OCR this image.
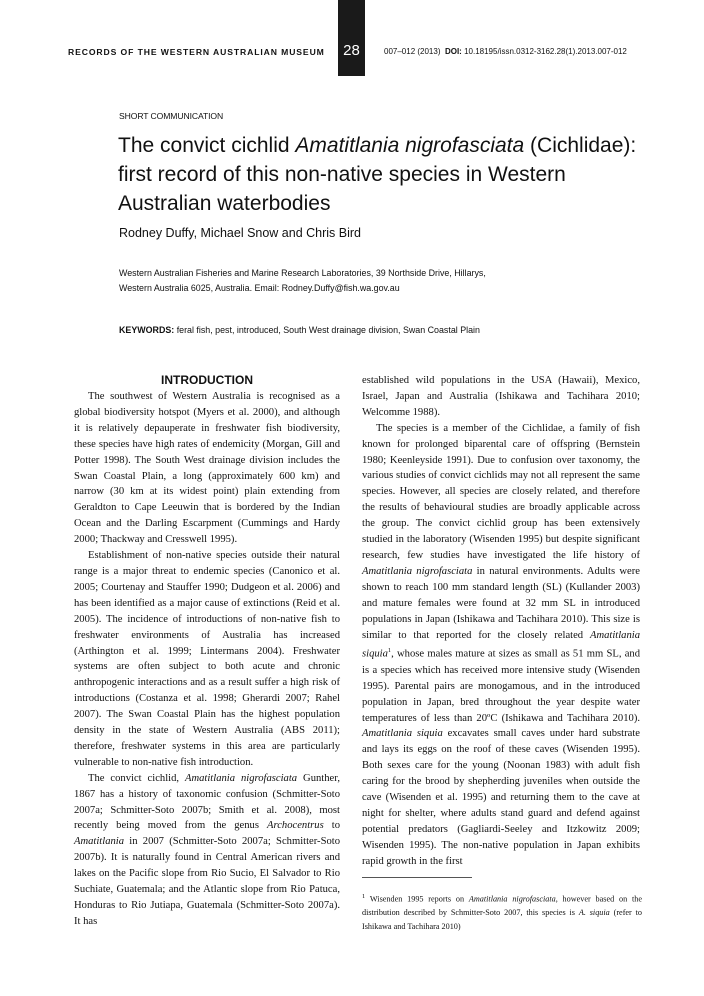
RECORDS OF THE WESTERN AUSTRALIAN MUSEUM	28	007–012 (2013) DOI: 10.18195/issn.0312-3162.28(1).2013.007-012
SHORT COMMUNICATION
The convict cichlid Amatitlania nigrofasciata (Cichlidae): first record of this non-native species in Western Australian waterbodies
Rodney Duffy, Michael Snow and Chris Bird
Western Australian Fisheries and Marine Research Laboratories, 39 Northside Drive, Hillarys,
Western Australia 6025, Australia. Email: Rodney.Duffy@fish.wa.gov.au
KEYWORDS: feral fish, pest, introduced, South West drainage division, Swan Coastal Plain
INTRODUCTION

The southwest of Western Australia is recognised as a global biodiversity hotspot (Myers et al. 2000), and although it is relatively depauperate in freshwater fish biodiversity, these species have high rates of endemicity (Morgan, Gill and Potter 1998). The South West drainage division includes the Swan Coastal Plain, a long (approximately 600 km) and narrow (30 km at its widest point) plain extending from Geraldton to Cape Leeuwin that is bordered by the Indian Ocean and the Darling Escarpment (Cummings and Hardy 2000; Thackway and Cresswell 1995).

Establishment of non-native species outside their natural range is a major threat to endemic species (Canonico et al. 2005; Courtenay and Stauffer 1990; Dudgeon et al. 2006) and has been identified as a major cause of extinctions (Reid et al. 2005). The incidence of introductions of non-native fish to freshwater environments of Australia has increased (Arthington et al. 1999; Lintermans 2004). Freshwater systems are often subject to both acute and chronic anthropogenic interactions and as a result suffer a high risk of introductions (Costanza et al. 1998; Gherardi 2007; Rahel 2007). The Swan Coastal Plain has the highest population density in the state of Western Australia (ABS 2011); therefore, freshwater systems in this area are particularly vulnerable to non-native fish introduction.

The convict cichlid, Amatitlania nigrofasciata Gunther, 1867 has a history of taxonomic confusion (Schmitter-Soto 2007a; Schmitter-Soto 2007b; Smith et al. 2008), most recently being moved from the genus Archocentrus to Amatitlania in 2007 (Schmitter-Soto 2007a; Schmitter-Soto 2007b). It is naturally found in Central American rivers and lakes on the Pacific slope from Rio Sucio, El Salvador to Rio Suchiate, Guatemala; and the Atlantic slope from Rio Patuca, Honduras to Rio Jutiapa, Guatemala (Schmitter-Soto 2007a). It has

established wild populations in the USA (Hawaii), Mexico, Israel, Japan and Australia (Ishikawa and Tachihara 2010; Welcomme 1988).

The species is a member of the Cichlidae, a family of fish known for prolonged biparental care of offspring (Bernstein 1980; Keenleyside 1991). Due to confusion over taxonomy, the various studies of convict cichlids may not all represent the same species. However, all species are closely related, and therefore the results of behavioural studies are broadly applicable across the group. The convict cichlid group has been extensively studied in the laboratory (Wisenden 1995) but despite significant research, few studies have investigated the life history of Amatitlania nigrofasciata in natural environments. Adults were shown to reach 100 mm standard length (SL) (Kullander 2003) and mature females were found at 32 mm SL in introduced populations in Japan (Ishikawa and Tachihara 2010). This size is similar to that reported for the closely related Amatitlania siquia$^1$, whose males mature at sizes as small as 51 mm SL, and is a species which has received more intensive study (Wisenden 1995). Parental pairs are monogamous, and in the introduced population in Japan, bred throughout the year despite water temperatures of less than 20ºC (Ishikawa and Tachihara 2010). Amatitlania siquia excavates small caves under hard substrate and lays its eggs on the roof of these caves (Wisenden 1995). Both sexes care for the young (Noonan 1983) with adult fish caring for the brood by shepherding juveniles when outside the cave (Wisenden et al. 1995) and returning them to the cave at night for shelter, where adults stand guard and defend against potential predators (Gagliardi-Seeley and Itzkowitz 2009; Wisenden 1995). The non-native population in Japan exhibits rapid growth in the first

$^1$ Wisenden 1995 reports on Amatitlania nigrofasciata, however based on the distribution described by Schmitter-Soto 2007, this species is A. siquia (refer to Ishikawa and Tachihara 2010)
